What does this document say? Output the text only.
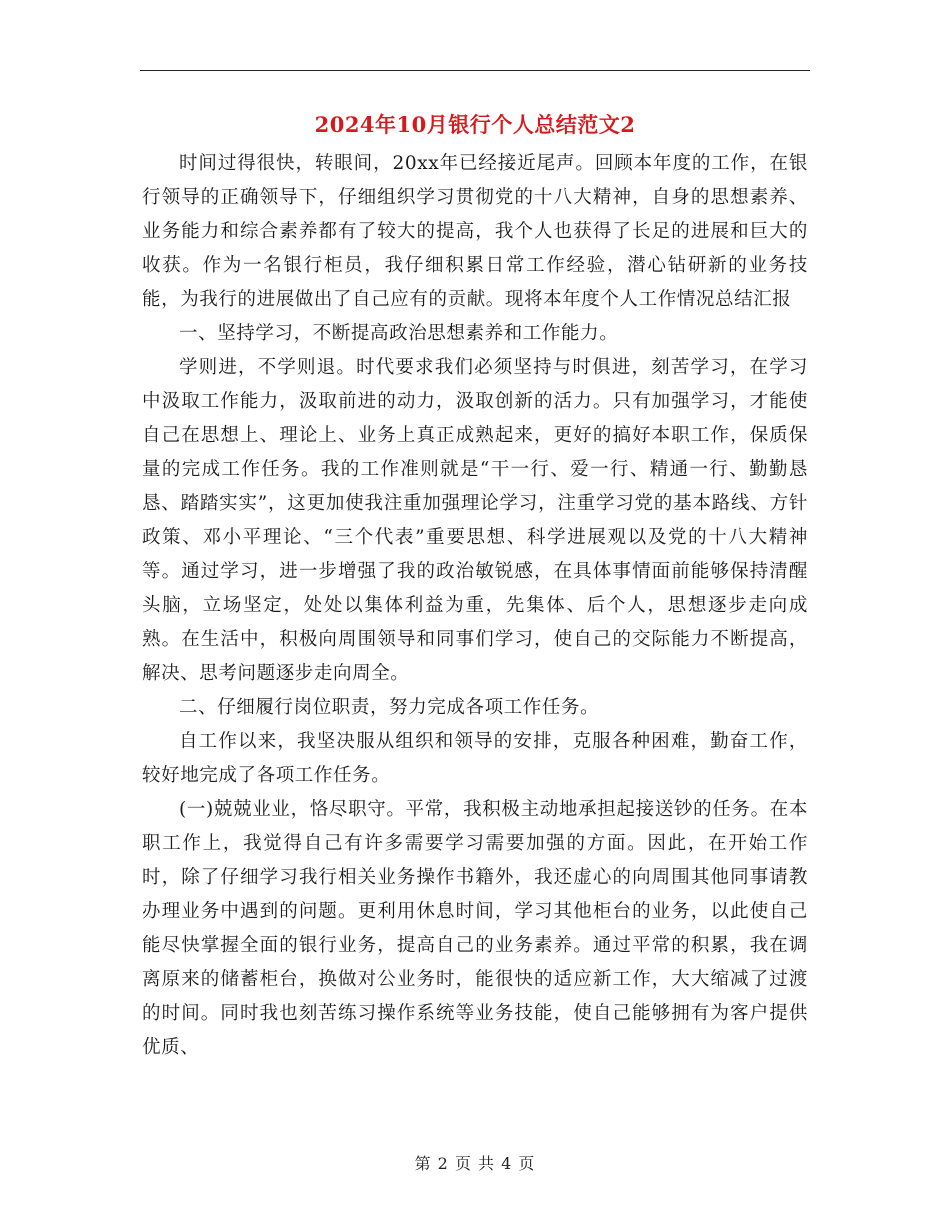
2024年10月银行个人总结范文2

时间过得很快，转眼间，20xx年已经接近尾声。回顾本年度的工作，在银行领导的正确领导下，仔细组织学习贯彻党的十八大精神，自身的思想素养、业务能力和综合素养都有了较大的提高，我个人也获得了长足的进展和巨大的收获。作为一名银行柜员，我仔细积累日常工作经验，潜心钻研新的业务技能，为我行的进展做出了自己应有的贡献。现将本年度个人工作情况总结汇报

一、坚持学习，不断提高政治思想素养和工作能力。

学则进，不学则退。时代要求我们必须坚持与时俱进，刻苦学习，在学习中汲取工作能力，汲取前进的动力，汲取创新的活力。只有加强学习，才能使自己在思想上、理论上、业务上真正成熟起来，更好的搞好本职工作，保质保量的完成工作任务。我的工作准则就是“干一行、爱一行、精通一行、勤勤恳恳、踏踏实实”，这更加使我注重加强理论学习，注重学习党的基本路线、方针政策、邓小平理论、“三个代表”重要思想、科学进展观以及党的十八大精神等。通过学习，进一步增强了我的政治敏锐感，在具体事情面前能够保持清醒头脑，立场坚定，处处以集体利益为重，先集体、后个人，思想逐步走向成熟。在生活中，积极向周围领导和同事们学习，使自己的交际能力不断提高，解决、思考问题逐步走向周全。

二、仔细履行岗位职责，努力完成各项工作任务。

自工作以来，我坚决服从组织和领导的安排，克服各种困难，勤奋工作，较好地完成了各项工作任务。

(一)兢兢业业，恪尽职守。平常，我积极主动地承担起接送钞的任务。在本职工作上，我觉得自己有许多需要学习需要加强的方面。因此，在开始工作时，除了仔细学习我行相关业务操作书籍外，我还虚心的向周围其他同事请教办理业务中遇到的问题。更利用休息时间，学习其他柜台的业务，以此使自己能尽快掌握全面的银行业务，提高自己的业务素养。通过平常的积累，我在调离原来的储蓄柜台，换做对公业务时，能很快的适应新工作，大大缩减了过渡的时间。同时我也刻苦练习操作系统等业务技能，使自己能够拥有为客户提供优质、

第 2 页 共 4 页
